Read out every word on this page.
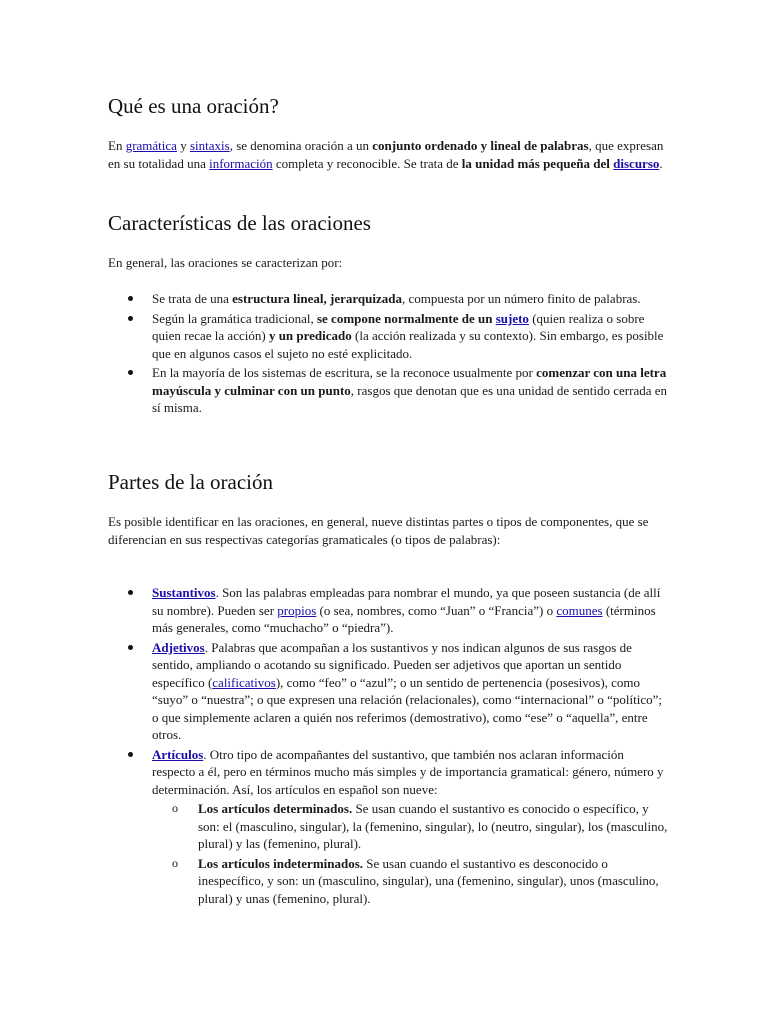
Qué es una oración?

En gramática y sintaxis, se denomina oración a un conjunto ordenado y lineal de palabras, que expresan en su totalidad una información completa y reconocible. Se trata de la unidad más pequeña del discurso.

Características de las oraciones

En general, las oraciones se caracterizan por:

Se trata de una estructura lineal, jerarquizada, compuesta por un número finito de palabras.
Según la gramática tradicional, se compone normalmente de un sujeto (quien realiza o sobre quien recae la acción) y un predicado (la acción realizada y su contexto). Sin embargo, es posible que en algunos casos el sujeto no esté explicitado.
En la mayoría de los sistemas de escritura, se la reconoce usualmente por comenzar con una letra mayúscula y culminar con un punto, rasgos que denotan que es una unidad de sentido cerrada en sí misma.
Partes de la oración

Es posible identificar en las oraciones, en general, nueve distintas partes o tipos de componentes, que se diferencian en sus respectivas categorías gramaticales (o tipos de palabras):

Sustantivos. Son las palabras empleadas para nombrar el mundo, ya que poseen sustancia (de allí su nombre). Pueden ser propios (o sea, nombres, como “Juan” o “Francia”) o comunes (términos más generales, como “muchacho” o “piedra”).
Adjetivos. Palabras que acompañan a los sustantivos y nos indican algunos de sus rasgos de sentido, ampliando o acotando su significado. Pueden ser adjetivos que aportan un sentido específico (calificativos), como “feo” o “azul”; o un sentido de pertenencia (posesivos), como “suyo” o “nuestra”; o que expresen una relación (relacionales), como “internacional” o “político”; o que simplemente aclaren a quién nos referimos (demostrativo), como “ese” o “aquella”, entre otros.
Artículos. Otro tipo de acompañantes del sustantivo, que también nos aclaran información respecto a él, pero en términos mucho más simples y de importancia gramatical: género, número y determinación. Así, los artículos en español son nueve:
o Los artículos determinados. Se usan cuando el sustantivo es conocido o específico, y son: el (masculino, singular), la (femenino, singular), lo (neutro, singular), los (masculino, plural) y las (femenino, plural).
o Los artículos indeterminados. Se usan cuando el sustantivo es desconocido o inespecífico, y son: un (masculino, singular), una (femenino, singular), unos (masculino, plural) y unas (femenino, plural).
